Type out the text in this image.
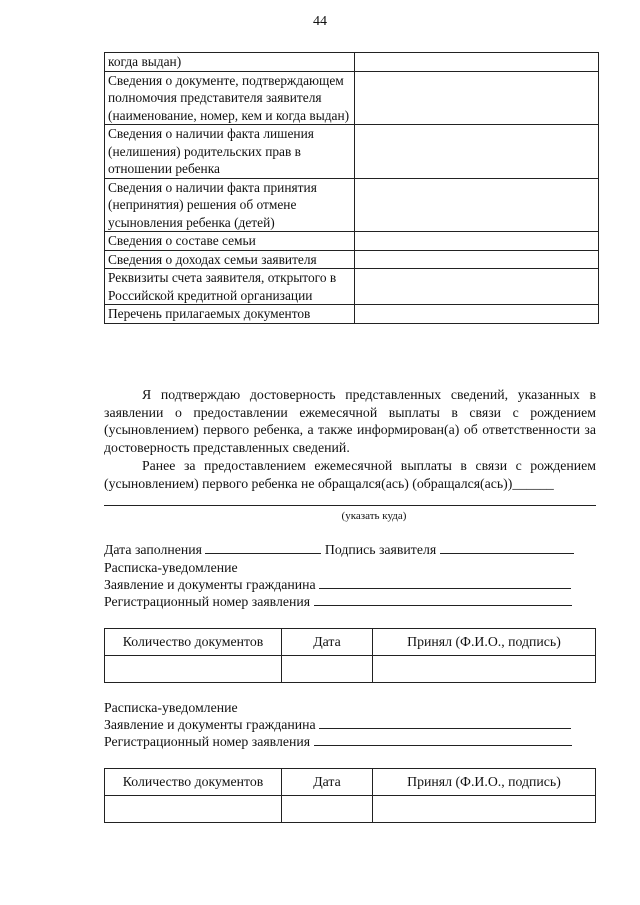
44
когда выдан)	
Сведения о документе, подтверждающем полномочия представителя заявителя (наименование, номер, кем и когда выдан)	
Сведения о наличии факта лишения (нелишения) родительских прав в отношении ребенка	
Сведения о наличии факта принятия (непринятия) решения об отмене усыновления ребенка (детей)	
Сведения о составе семьи	
Сведения о доходах семьи заявителя	
Реквизиты счета заявителя, открытого в Российской кредитной организации	
Перечень прилагаемых документов	

Я подтверждаю достоверность представленных сведений, указанных в заявлении о предоставлении ежемесячной выплаты в связи с рождением (усыновлением) первого ребенка, а также информирован(а) об ответственности за достоверность представленных сведений.

Ранее за предоставлением ежемесячной выплаты в связи с рождением (усыновлением) первого ребенка не обращался(ась) (обращался(ась))______

(указать куда)
Дата заполнения	Подпись заявителя
Расписка-уведомление
Заявление и документы гражданина
Регистрационный номер заявления
Количество документов	Дата	Принял (Ф.И.О., подпись)

Расписка-уведомление
Заявление и документы гражданина
Регистрационный номер заявления
Количество документов	Дата	Принял (Ф.И.О., подпись)
